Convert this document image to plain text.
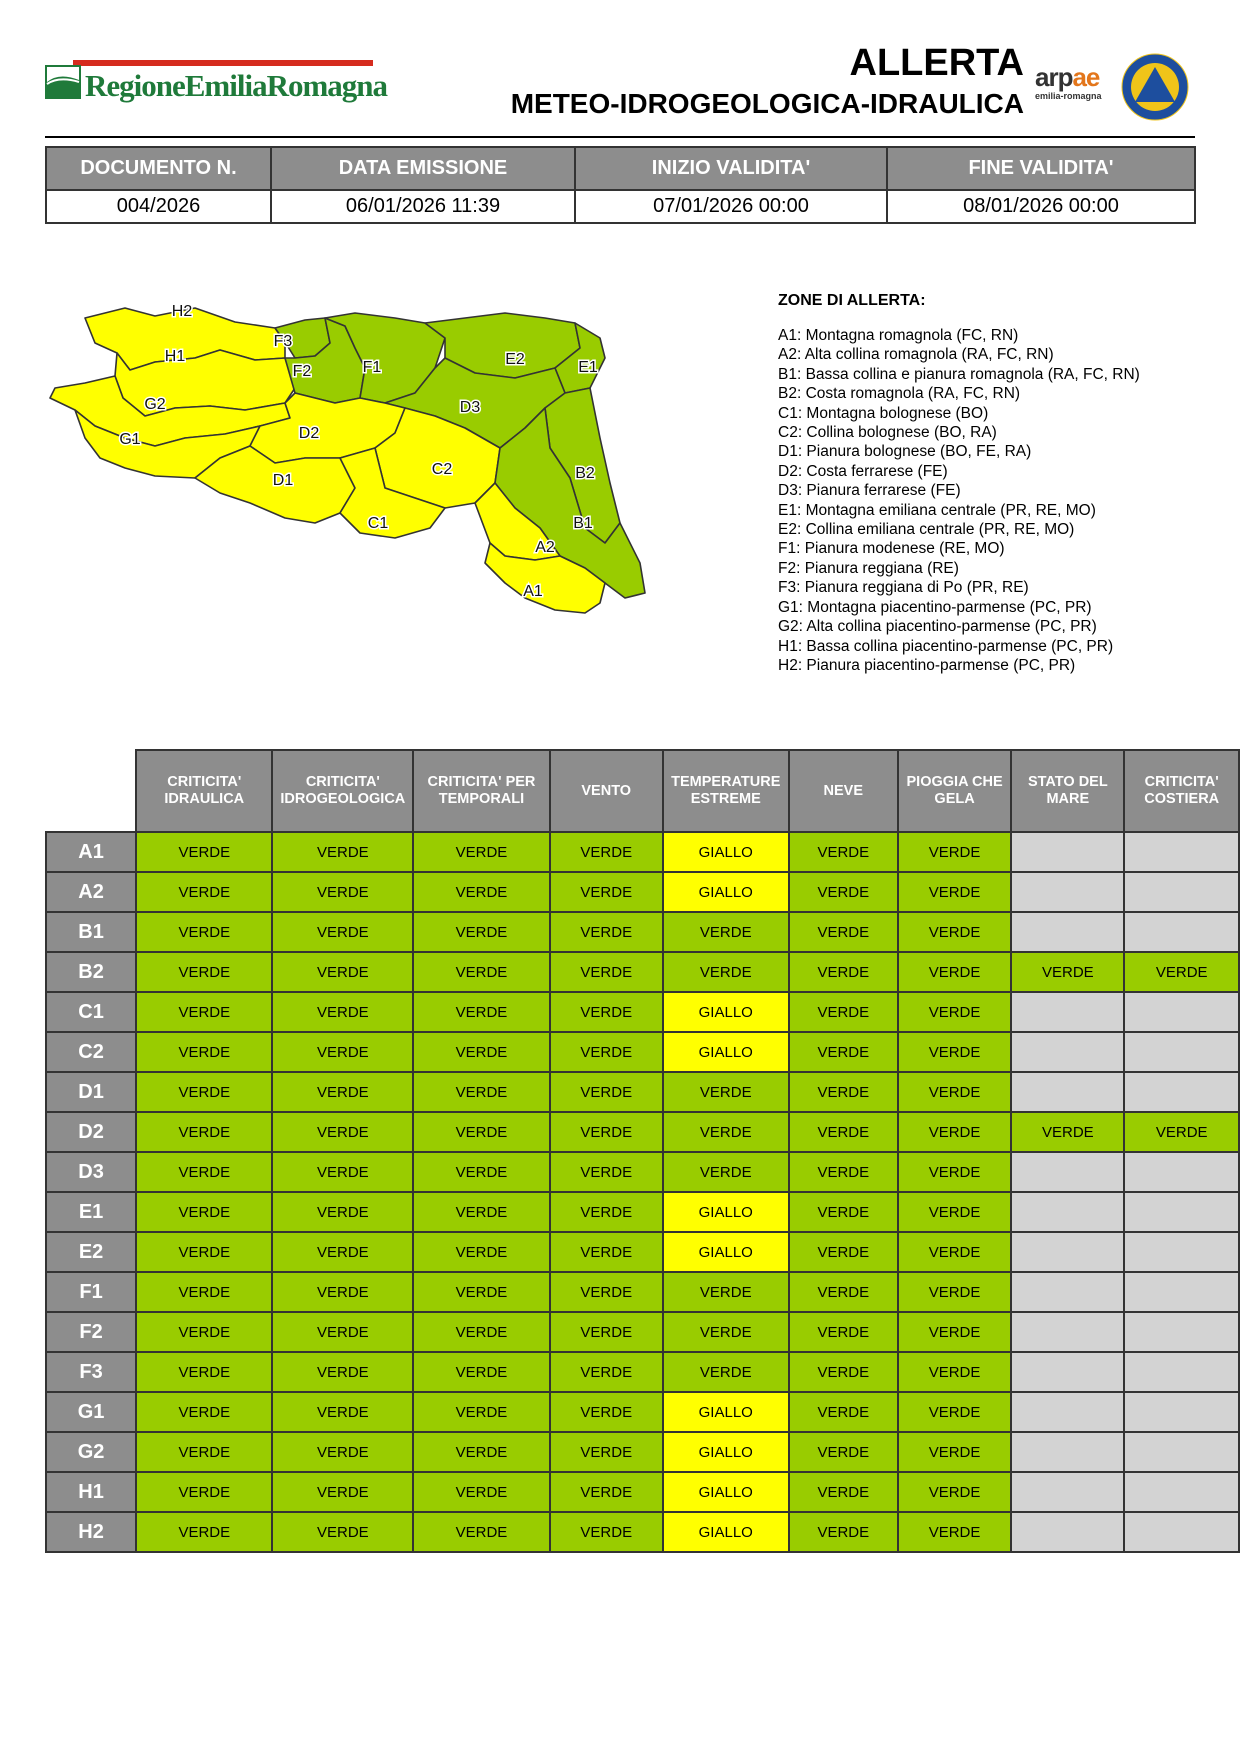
RegioneEmiliaRomagna
ALLERTA
METEO-IDROGEOLOGICA-IDRAULICA
arpae
emilia-romagna
DOCUMENTO N.	DATA EMISSIONE	INIZIO VALIDITA'	FINE VALIDITA'
004/2026	06/01/2026 11:39	07/01/2026 00:00	08/01/2026 00:00
H2
H1
G2
G1
F3
F2	F1	E2	E1
D3
D2
D1
C2
C1
B2
B1
A2
A1
ZONE DI ALLERTA:
A1: Montagna romagnola (FC, RN)
A2: Alta collina romagnola (RA, FC, RN)
B1: Bassa collina e pianura romagnola (RA, FC, RN)
B2: Costa romagnola (RA, FC, RN)
C1: Montagna bolognese (BO)
C2: Collina bolognese (BO, RA)
D1: Pianura bolognese (BO, FE, RA)
D2: Costa ferrarese (FE)
D3: Pianura ferrarese (FE)
E1: Montagna emiliana centrale (PR, RE, MO)
E2: Collina emiliana centrale (PR, RE, MO)
F1: Pianura modenese (RE, MO)
F2: Pianura reggiana (RE)
F3: Pianura reggiana di Po (PR, RE)
G1: Montagna piacentino-parmense (PC, PR)
G2: Alta collina piacentino-parmense (PC, PR)
H1: Bassa collina piacentino-parmense (PC, PR)
H2: Pianura piacentino-parmense (PC, PR)
	CRITICITA' IDRAULICA	CRITICITA' IDROGEOLOGICA	CRITICITA' PER TEMPORALI	VENTO	TEMPERATURE ESTREME	NEVE	PIOGGIA CHE GELA	STATO DEL MARE	CRITICITA' COSTIERA
A1	VERDE	VERDE	VERDE	VERDE	GIALLO	VERDE	VERDE		
A2	VERDE	VERDE	VERDE	VERDE	GIALLO	VERDE	VERDE		
B1	VERDE	VERDE	VERDE	VERDE	VERDE	VERDE	VERDE		
B2	VERDE	VERDE	VERDE	VERDE	VERDE	VERDE	VERDE	VERDE	VERDE
C1	VERDE	VERDE	VERDE	VERDE	GIALLO	VERDE	VERDE		
C2	VERDE	VERDE	VERDE	VERDE	GIALLO	VERDE	VERDE		
D1	VERDE	VERDE	VERDE	VERDE	VERDE	VERDE	VERDE		
D2	VERDE	VERDE	VERDE	VERDE	VERDE	VERDE	VERDE	VERDE	VERDE
D3	VERDE	VERDE	VERDE	VERDE	VERDE	VERDE	VERDE		
E1	VERDE	VERDE	VERDE	VERDE	GIALLO	VERDE	VERDE		
E2	VERDE	VERDE	VERDE	VERDE	GIALLO	VERDE	VERDE		
F1	VERDE	VERDE	VERDE	VERDE	VERDE	VERDE	VERDE		
F2	VERDE	VERDE	VERDE	VERDE	VERDE	VERDE	VERDE		
F3	VERDE	VERDE	VERDE	VERDE	VERDE	VERDE	VERDE		
G1	VERDE	VERDE	VERDE	VERDE	GIALLO	VERDE	VERDE		
G2	VERDE	VERDE	VERDE	VERDE	GIALLO	VERDE	VERDE		
H1	VERDE	VERDE	VERDE	VERDE	GIALLO	VERDE	VERDE		
H2	VERDE	VERDE	VERDE	VERDE	GIALLO	VERDE	VERDE		
